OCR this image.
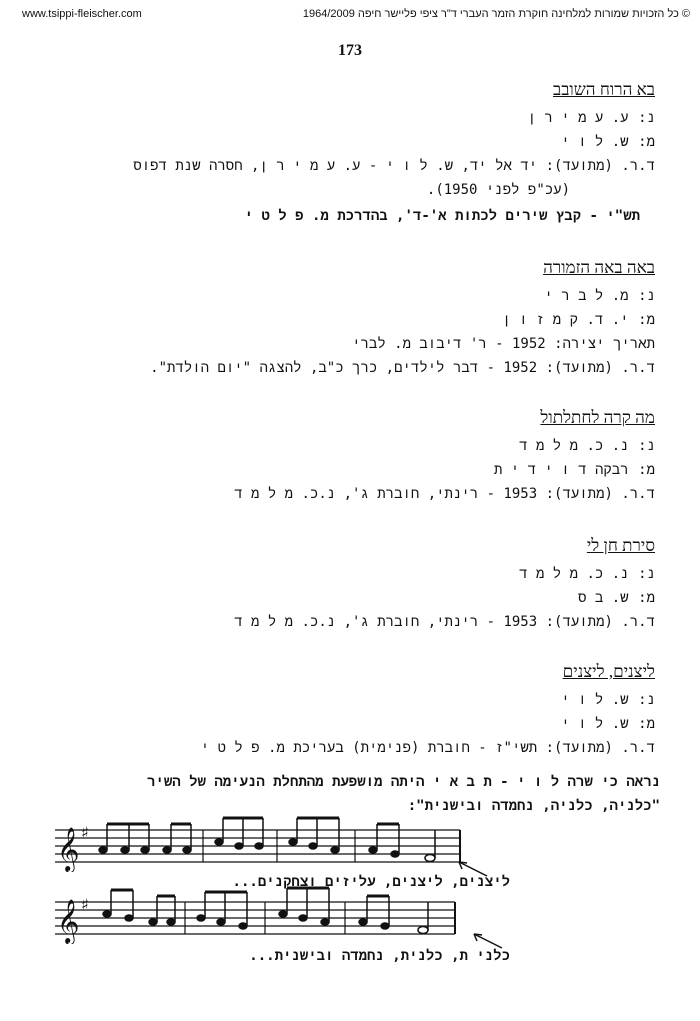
www.tsippi-fleischer.com	© כל הזכויות שמורות למלחינה חוקרת הזמר העברי ד"ר ציפי פליישר חיפה 1964/2009
173
בא הרוח השובב
נ: ע. ע מ י ר ן
מ: ש. ל ו י
ד.ר. (מתועד): יד אל יד, ש. ל ו י - ע. ע מ י ר ן, חסרה שנת דפוס
(עכ"פ לפני 1950).
תש"י - קבץ שירים לכתות א'-ד', בהדרכת מ. פ ל ט י
באה באה הזמורה
נ: מ. ל ב ר י
מ: י. ד. ק מ ז ו ן
תאריך יצירה: 1952 - ר' דיבוב מ. לברי
ד.ר. (מתועד): 1952 - דבר לילדים, כרך כ"ב, להצגה "יום הולדת".
מה קרה לחתלתול
נ: נ. כ. מ ל מ ד
מ: רבקה ד ו י ד י ת
ד.ר. (מתועד): 1953 - רינתי, חוברת ג', נ.כ. מ ל מ ד
סירת חן לי
נ: נ. כ. מ ל מ ד
מ: ש. ב ס
ד.ר. (מתועד): 1953 - רינתי, חוברת ג', נ.כ. מ ל מ ד
ליצנים, ליצנים
נ: ש. ל ו י
מ: ש. ל ו י
ד.ר. (מתועד): תשי"ז - חוברת (פנימית) בעריכת מ. פ ל ט י
נראה כי שרה ל ו י - ת ב א י היתה מושפעת מהתחלת הנעימה של השיר
"כלניה, כלניה, נחמדה ובישנית":
𝄞 ♯
ליצנים, ליצנים, עליזים וצחקנים...
𝄞 ♯
כלני ת, כלנית, נחמדה ובישנית...
